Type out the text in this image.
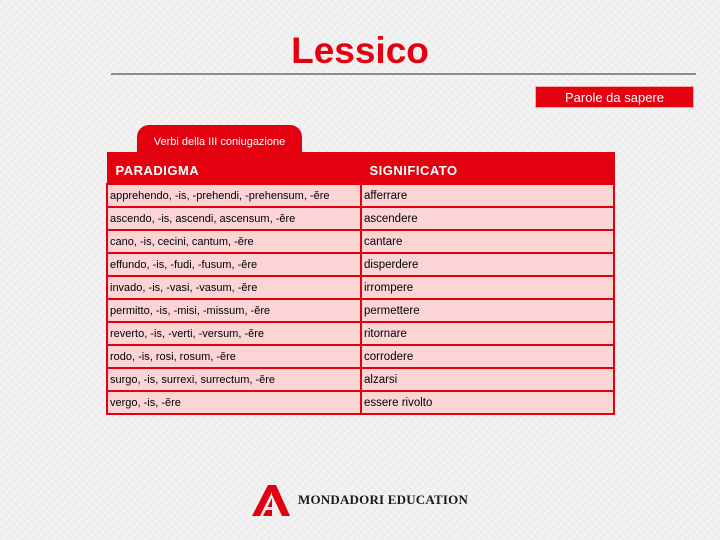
Lessico
Parole da sapere
Verbi della III coniugazione
PARADIGMA	SIGNIFICATO
apprehendo, -is, -prehendi, -prehensum, -ĕre	afferrare
ascendo, -is, ascendi, ascensum, -ĕre	ascendere
cano, -is, cecini, cantum, -ĕre	cantare
effundo, -is, -fudi, -fusum, -ĕre	disperdere
invado, -is, -vasi, -vasum, -ĕre	irrompere
permitto, -is, -misi, -missum, -ĕre	permettere
reverto, -is, -verti, -versum, -ĕre	ritornare
rodo, -is, rosi, rosum, -ĕre	corrodere
surgo, -is, surrexi, surrectum, -ĕre	alzarsi
vergo, -is, -ĕre	essere rivolto
MONDADORI EDUCATION
